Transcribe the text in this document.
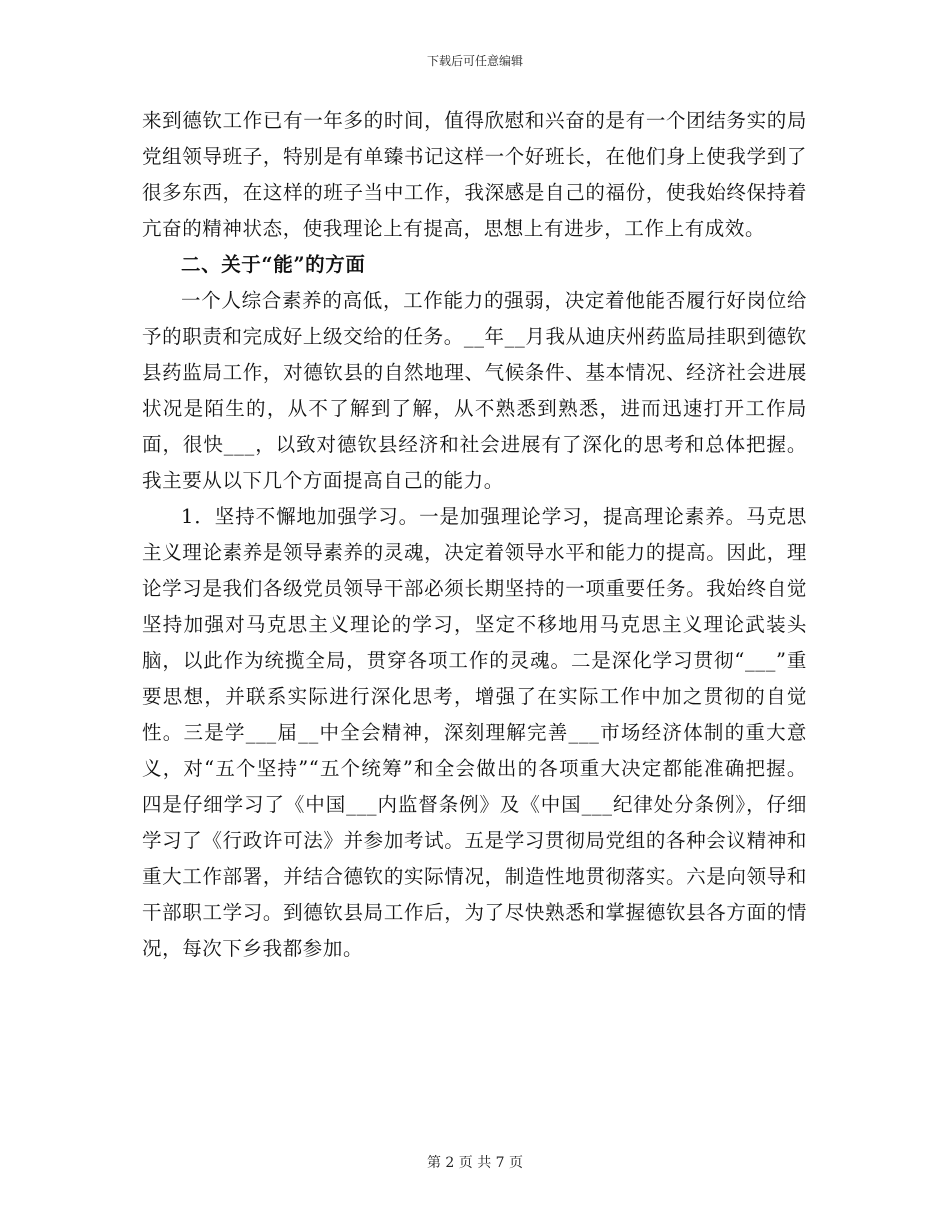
下载后可任意编辑

来到德钦工作已有一年多的时间，值得欣慰和兴奋的是有一个团结务实的局党组领导班子，特别是有单臻书记这样一个好班长，在他们身上使我学到了很多东西，在这样的班子当中工作，我深感是自己的福份，使我始终保持着亢奋的精神状态，使我理论上有提高，思想上有进步，工作上有成效。

二、关于“能”的方面

一个人综合素养的高低，工作能力的强弱，决定着他能否履行好岗位给予的职责和完成好上级交给的任务。__年__月我从迪庆州药监局挂职到德钦县药监局工作，对德钦县的自然地理、气候条件、基本情况、经济社会进展状况是陌生的，从不了解到了解，从不熟悉到熟悉，进而迅速打开工作局面，很快___，以致对德钦县经济和社会进展有了深化的思考和总体把握。我主要从以下几个方面提高自己的能力。

1．坚持不懈地加强学习。一是加强理论学习，提高理论素养。马克思主义理论素养是领导素养的灵魂，决定着领导水平和能力的提高。因此，理论学习是我们各级党员领导干部必须长期坚持的一项重要任务。我始终自觉坚持加强对马克思主义理论的学习，坚定不移地用马克思主义理论武装头脑，以此作为统揽全局，贯穿各项工作的灵魂。二是深化学习贯彻“___”重要思想，并联系实际进行深化思考，增强了在实际工作中加之贯彻的自觉性。三是学___届__中全会精神，深刻理解完善___市场经济体制的重大意义，对“五个坚持”“五个统筹”和全会做出的各项重大决定都能准确把握。四是仔细学习了《中国___内监督条例》及《中国___纪律处分条例》，仔细学习了《行政许可法》并参加考试。五是学习贯彻局党组的各种会议精神和重大工作部署，并结合德钦的实际情况，制造性地贯彻落实。六是向领导和干部职工学习。到德钦县局工作后，为了尽快熟悉和掌握德钦县各方面的情况，每次下乡我都参加。

第 2 页 共 7 页
